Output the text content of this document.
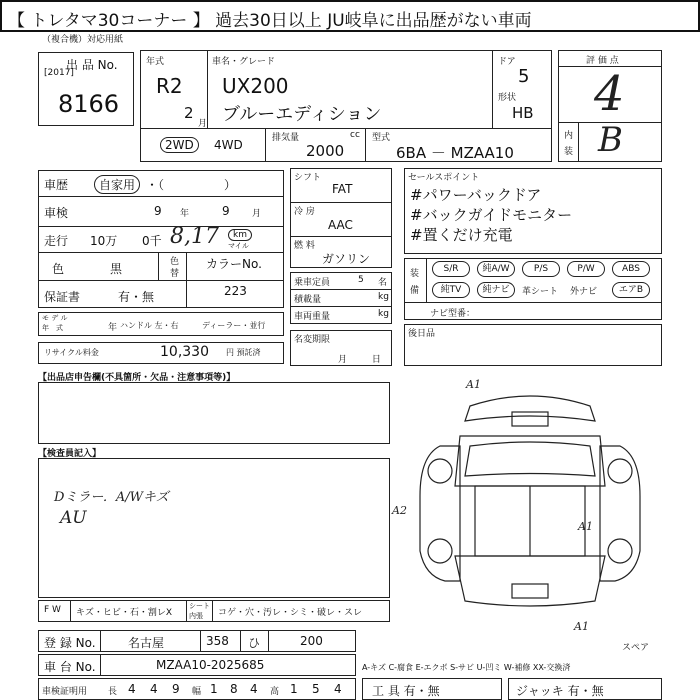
【 トレタマ30コーナー 】 過去30日以上 JU岐阜に出品歴がない車両
（複合機）対応用紙
出 品 No.
[2017]
8166
年式
R2
2
月
車名・グレード
UX200
ブルーエディション
ドア
5
形状
HB
2WD	4WD	排気量	cc
2000
型式
6BA － MZAA10
評 価 点
4
内
装 B
車歴	自家用 ・（　　　　　）
車検	9 年	9 月
走行 10万 0千 8,17	km
マイル
色	黒	色
替
カラーNo.
保証書	有・無	223
モ デ ル
年　式	年 ハンドル 左・右	ディーラー・並行
リサイクル料金	10,330 円 預託済
シフト
FAT
冷 房
AAC
燃 料
ガソリン
乗車定員	5 名
積載量	kg
車両重量	kg
名変期限
月 日
セールスポイント
#パワーバックドア
#バックガイドモニター
#置くだけ充電
装
備
S/R	純A/W	P/S	P/W	ABS
純TV	純ナビ	革シート 外ナビ	エアB
ナビ型番：
後日品
【出品店申告欄(不具箇所・欠品・注意事項等)】
【検査員記入】
Dミラー．A/Wキズ
AU
A1
A2
A1
A1
スペア
F W キズ・ヒビ・石・割レX
シート
内張 コゲ・穴・汚レ・シミ・破レ・スレ
登 録 No.	名古屋	358 ひ	200
車 台 No.	MZAA10-2025685	A-キズ C-腐食 E-エクボ S-サビ U-凹ミ W-補修 XX-交換済
車検証明用 長 4 4 9 幅 1 8 4 高 1 5 4	工 具 有・無	ジャッキ 有・無
